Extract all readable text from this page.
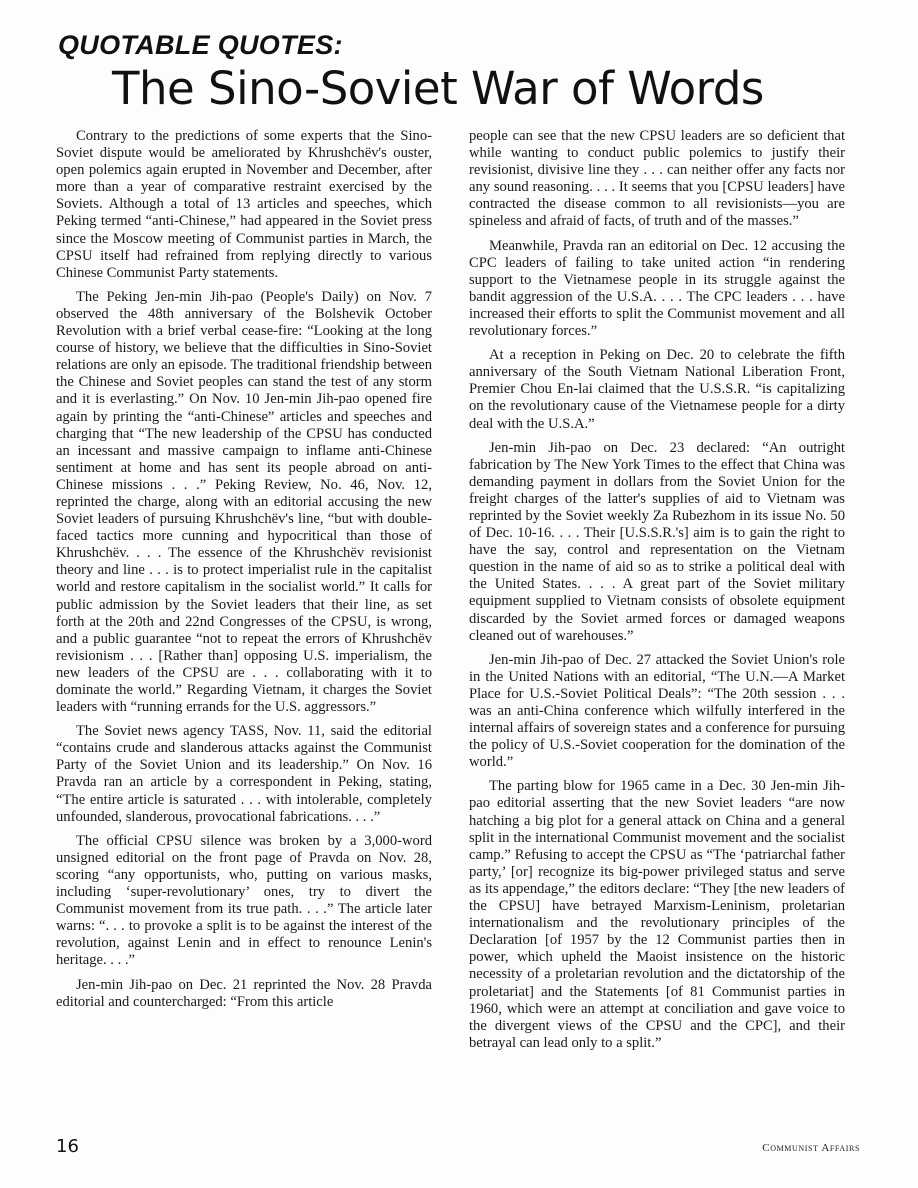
QUOTABLE QUOTES:
The Sino-Soviet War of Words

Contrary to the predictions of some experts that the Sino-Soviet dispute would be ameliorated by Khrushchëv's ouster, open polemics again erupted in November and December, after more than a year of comparative restraint exercised by the Soviets. Although a total of 13 articles and speeches, which Peking termed “anti-Chinese,” had appeared in the Soviet press since the Moscow meeting of Communist parties in March, the CPSU itself had refrained from replying directly to various Chinese Communist Party statements.

The Peking Jen-min Jih-pao (People's Daily) on Nov. 7 observed the 48th anniversary of the Bolshevik October Revolution with a brief verbal cease-fire: “Looking at the long course of history, we believe that the difficulties in Sino-Soviet relations are only an episode. The traditional friendship between the Chinese and Soviet peoples can stand the test of any storm and it is everlasting.” On Nov. 10 Jen-min Jih-pao opened fire again by printing the “anti-Chinese” articles and speeches and charging that “The new leadership of the CPSU has conducted an incessant and massive campaign to inflame anti-Chinese sentiment at home and has sent its people abroad on anti-Chinese missions . . .” Peking Review, No. 46, Nov. 12, reprinted the charge, along with an editorial accusing the new Soviet leaders of pursuing Khrushchëv's line, “but with double-faced tactics more cunning and hypocritical than those of Khrushchëv. . . . The essence of the Khrushchëv revisionist theory and line . . . is to protect imperialist rule in the capitalist world and restore capitalism in the socialist world.” It calls for public admission by the Soviet leaders that their line, as set forth at the 20th and 22nd Congresses of the CPSU, is wrong, and a public guarantee “not to repeat the errors of Khrushchëv revisionism . . . [Rather than] opposing U.S. imperialism, the new leaders of the CPSU are . . . collaborating with it to dominate the world.” Regarding Vietnam, it charges the Soviet leaders with “running errands for the U.S. aggressors.”

The Soviet news agency TASS, Nov. 11, said the editorial “contains crude and slanderous attacks against the Communist Party of the Soviet Union and its leadership.” On Nov. 16 Pravda ran an article by a correspondent in Peking, stating, “The entire article is saturated . . . with intolerable, completely unfounded, slanderous, provocational fabrications. . . .”

The official CPSU silence was broken by a 3,000-word unsigned editorial on the front page of Pravda on Nov. 28, scoring “any opportunists, who, putting on various masks, including ‘super-revolutionary’ ones, try to divert the Communist movement from its true path. . . .” The article later warns: “. . . to provoke a split is to be against the interest of the revolution, against Lenin and in effect to renounce Lenin's heritage. . . .”

Jen-min Jih-pao on Dec. 21 reprinted the Nov. 28 Pravda editorial and countercharged: “From this article

people can see that the new CPSU leaders are so deficient that while wanting to conduct public polemics to justify their revisionist, divisive line they . . . can neither offer any facts nor any sound reasoning. . . . It seems that you [CPSU leaders] have contracted the disease common to all revisionists—you are spineless and afraid of facts, of truth and of the masses.”

Meanwhile, Pravda ran an editorial on Dec. 12 accusing the CPC leaders of failing to take united action “in rendering support to the Vietnamese people in its struggle against the bandit aggression of the U.S.A. . . . The CPC leaders . . . have increased their efforts to split the Communist movement and all revolutionary forces.”

At a reception in Peking on Dec. 20 to celebrate the fifth anniversary of the South Vietnam National Liberation Front, Premier Chou En-lai claimed that the U.S.S.R. “is capitalizing on the revolutionary cause of the Vietnamese people for a dirty deal with the U.S.A.”

Jen-min Jih-pao on Dec. 23 declared: “An outright fabrication by The New York Times to the effect that China was demanding payment in dollars from the Soviet Union for the freight charges of the latter's supplies of aid to Vietnam was reprinted by the Soviet weekly Za Rubezhom in its issue No. 50 of Dec. 10-16. . . . Their [U.S.S.R.'s] aim is to gain the right to have the say, control and representation on the Vietnam question in the name of aid so as to strike a political deal with the United States. . . . A great part of the Soviet military equipment supplied to Vietnam consists of obsolete equipment discarded by the Soviet armed forces or damaged weapons cleaned out of warehouses.”

Jen-min Jih-pao of Dec. 27 attacked the Soviet Union's role in the United Nations with an editorial, “The U.N.—A Market Place for U.S.-Soviet Political Deals”: “The 20th session . . . was an anti-China conference which wilfully interfered in the internal affairs of sovereign states and a conference for pursuing the policy of U.S.-Soviet cooperation for the domination of the world.”

The parting blow for 1965 came in a Dec. 30 Jen-min Jih-pao editorial asserting that the new Soviet leaders “are now hatching a big plot for a general attack on China and a general split in the international Communist movement and the socialist camp.” Refusing to accept the CPSU as “The ‘patriarchal father party,’ [or] recognize its big-power privileged status and serve as its appendage,” the editors declare: “They [the new leaders of the CPSU] have betrayed Marxism-Leninism, proletarian internationalism and the revolutionary principles of the Declaration [of 1957 by the 12 Communist parties then in power, which upheld the Maoist insistence on the historic necessity of a proletarian revolution and the dictatorship of the proletariat] and the Statements [of 81 Communist parties in 1960, which were an attempt at conciliation and gave voice to the divergent views of the CPSU and the CPC], and their betrayal can lead only to a split.”

16	Communist Affairs
